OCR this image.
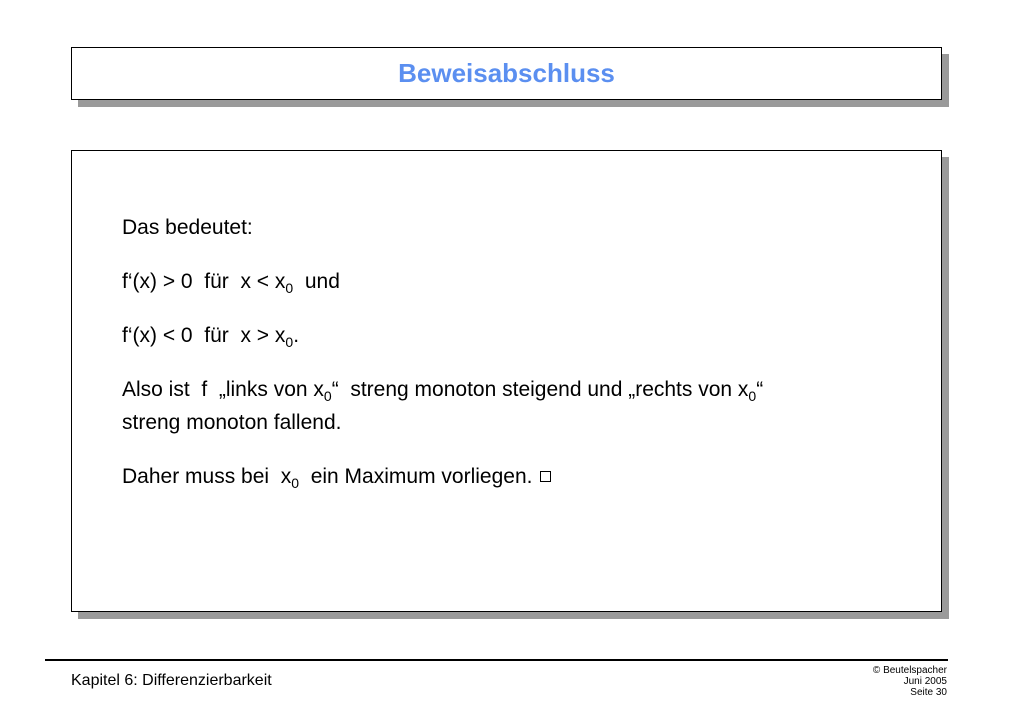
Beweisabschluss

Das bedeutet:

f‘(x) > 0  für  $x < x_0$  und

f‘(x) < 0  für  $x > x_0$.

Also ist  f  „links von $x_0“$  streng monoton steigend und „rechts von $x_0“$
streng monoton fallend.

Daher muss bei  $x_0$  ein Maximum vorliegen.

Kapitel 6: Differenzierbarkeit
© Beutelspacher
Juni 2005
Seite 30
